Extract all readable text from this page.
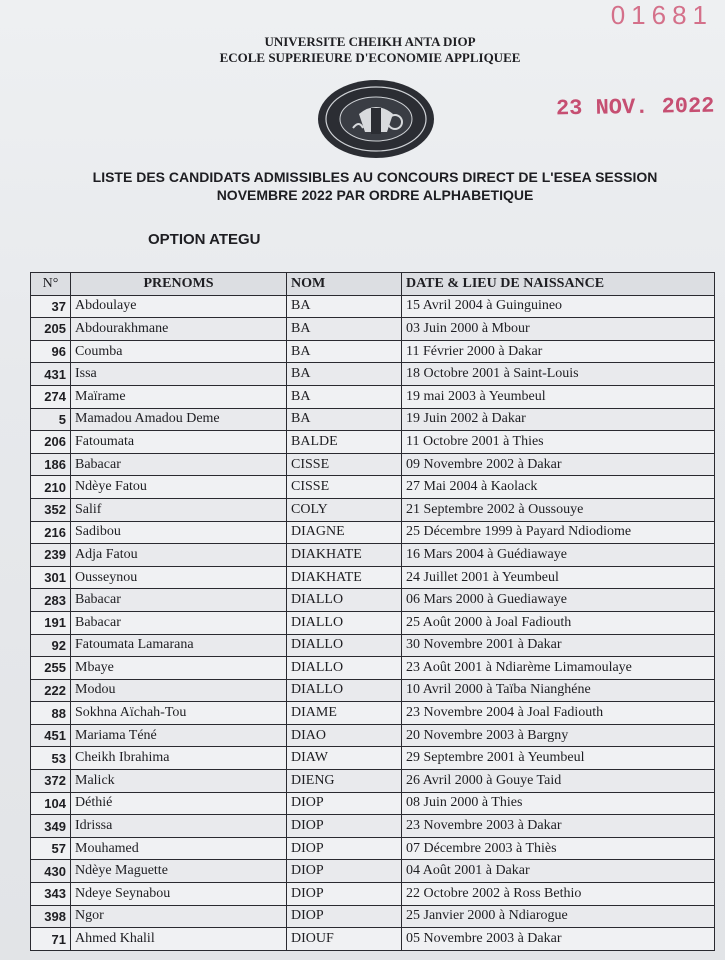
01681
UNIVERSITE CHEIKH ANTA DIOP
ECOLE SUPERIEURE D'ECONOMIE APPLIQUEE
23 NOV. 2022
LISTE DES CANDIDATS ADMISSIBLES AU CONCOURS DIRECT DE L'ESEA SESSION
NOVEMBRE 2022 PAR ORDRE ALPHABETIQUE
OPTION ATEGU
N°	PRENOMS	NOM	DATE & LIEU DE NAISSANCE
37	Abdoulaye	BA	15 Avril 2004 à Guinguineo
205	Abdourakhmane	BA	03 Juin 2000 à Mbour
96	Coumba	BA	11 Février 2000 à Dakar
431	Issa	BA	18 Octobre 2001 à Saint-Louis
274	Maïrame	BA	19 mai 2003 à Yeumbeul
5	Mamadou Amadou Deme	BA	19 Juin 2002 à Dakar
206	Fatoumata	BALDE	11 Octobre 2001 à Thies
186	Babacar	CISSE	09 Novembre 2002 à Dakar
210	Ndèye Fatou	CISSE	27 Mai 2004 à Kaolack
352	Salif	COLY	21 Septembre 2002 à Oussouye
216	Sadibou	DIAGNE	25 Décembre 1999 à Payard Ndiodiome
239	Adja Fatou	DIAKHATE	16 Mars 2004 à Guédiawaye
301	Ousseynou	DIAKHATE	24 Juillet 2001 à Yeumbeul
283	Babacar	DIALLO	06 Mars 2000 à Guediawaye
191	Babacar	DIALLO	25 Août 2000 à Joal Fadiouth
92	Fatoumata Lamarana	DIALLO	30 Novembre 2001 à Dakar
255	Mbaye	DIALLO	23 Août 2001 à Ndiarème Limamoulaye
222	Modou	DIALLO	10 Avril 2000 à Taïba Nianghéne
88	Sokhna Aïchah-Tou	DIAME	23 Novembre 2004 à Joal Fadiouth
451	Mariama Téné	DIAO	20 Novembre 2003 à Bargny
53	Cheikh Ibrahima	DIAW	29 Septembre 2001 à Yeumbeul
372	Malick	DIENG	26 Avril 2000 à Gouye Taid
104	Déthié	DIOP	08 Juin 2000 à Thies
349	Idrissa	DIOP	23 Novembre 2003 à Dakar
57	Mouhamed	DIOP	07 Décembre 2003 à Thiès
430	Ndèye Maguette	DIOP	04 Août 2001 à Dakar
343	Ndeye Seynabou	DIOP	22 Octobre 2002 à Ross Bethio
398	Ngor	DIOP	25 Janvier 2000 à Ndiarogue
71	Ahmed Khalil	DIOUF	05 Novembre 2003 à Dakar
